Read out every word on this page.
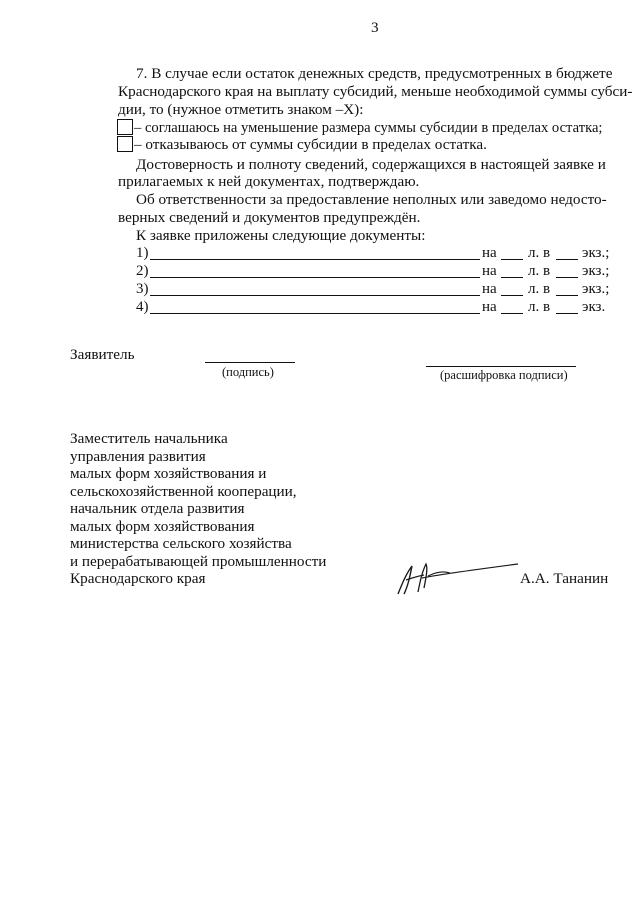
3
7. В случае если остаток денежных средств, предусмотренных в бюджете
Краснодарского края на выплату субсидий, меньше необходимой суммы субси-
дии, то (нужное отметить знаком –X):
– соглашаюсь на уменьшение размера суммы субсидии в пределах остатка;
– отказываюсь от суммы субсидии в пределах остатка.
Достоверность и полноту сведений, содержащихся в настоящей заявке и
прилагаемых к ней документах, подтверждаю.
Об ответственности за предоставление неполных или заведомо недосто-
верных сведений и документов предупреждён.
К заявке приложены следующие документы:
1)	на л. в экз.;
2)	на л. в экз.;
3)	на л. в экз.;
4)	на л. в экз.
Заявитель
(подпись)	(расшифровка подписи)
Заместитель начальника
управления развития
малых форм хозяйствования и
сельскохозяйственной кооперации,
начальник отдела развития
малых форм хозяйствования
министерства сельского хозяйства
и перерабатывающей промышленности
Краснодарского края	А.А. Тананин
